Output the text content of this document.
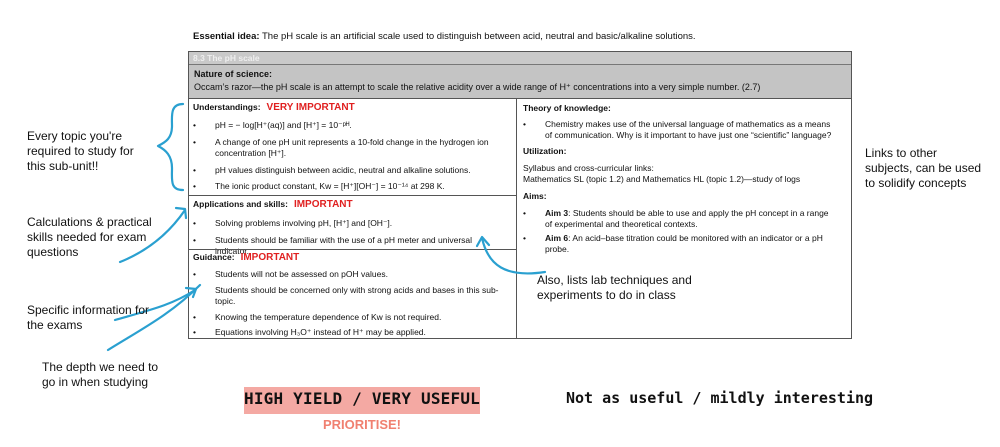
Essential idea: The pH scale is an artificial scale used to distinguish between acid, neutral and basic/alkaline solutions.
8.3 The pH scale
Nature of science:
Occam’s razor—the pH scale is an attempt to scale the relative acidity over a wide range of H⁺ concentrations into a very simple number. (2.7)
Understandings: VERY IMPORTANT
• pH = − log[H⁺(aq)] and [H⁺] = 10⁻ᵖᴴ.
• A change of one pH unit represents a 10-fold change in the hydrogen ion concentration [H⁺].
• pH values distinguish between acidic, neutral and alkaline solutions.
• The ionic product constant, Kw = [H⁺][OH⁻] = 10⁻¹⁴ at 298 K.
Applications and skills: IMPORTANT
• Solving problems involving pH, [H⁺] and [OH⁻].
• Students should be familiar with the use of a pH meter and universal indicator.
Guidance: IMPORTANT
• Students will not be assessed on pOH values.
• Students should be concerned only with strong acids and bases in this sub-topic.
• Knowing the temperature dependence of Kw is not required.
• Equations involving H₃O⁺ instead of H⁺ may be applied.
Theory of knowledge:
• Chemistry makes use of the universal language of mathematics as a means of communication. Why is it important to have just one “scientific” language?
Utilization:
Syllabus and cross-curricular links:
Mathematics SL (topic 1.2) and Mathematics HL (topic 1.2)—study of logs
Aims:
• Aim 3: Students should be able to use and apply the pH concept in a range of experimental and theoretical contexts.
• Aim 6: An acid–base titration could be monitored with an indicator or a pH probe.
Every topic you're required to study for this sub-unit!!
Calculations & practical skills needed for exam questions
Specific information for the exams
The depth we need to go in when studying
Also, lists lab techniques and experiments to do in class
Links to other subjects, can be used to solidify concepts
HIGH YIELD / VERY USEFUL
PRIORITISE!
Not as useful / mildly interesting
